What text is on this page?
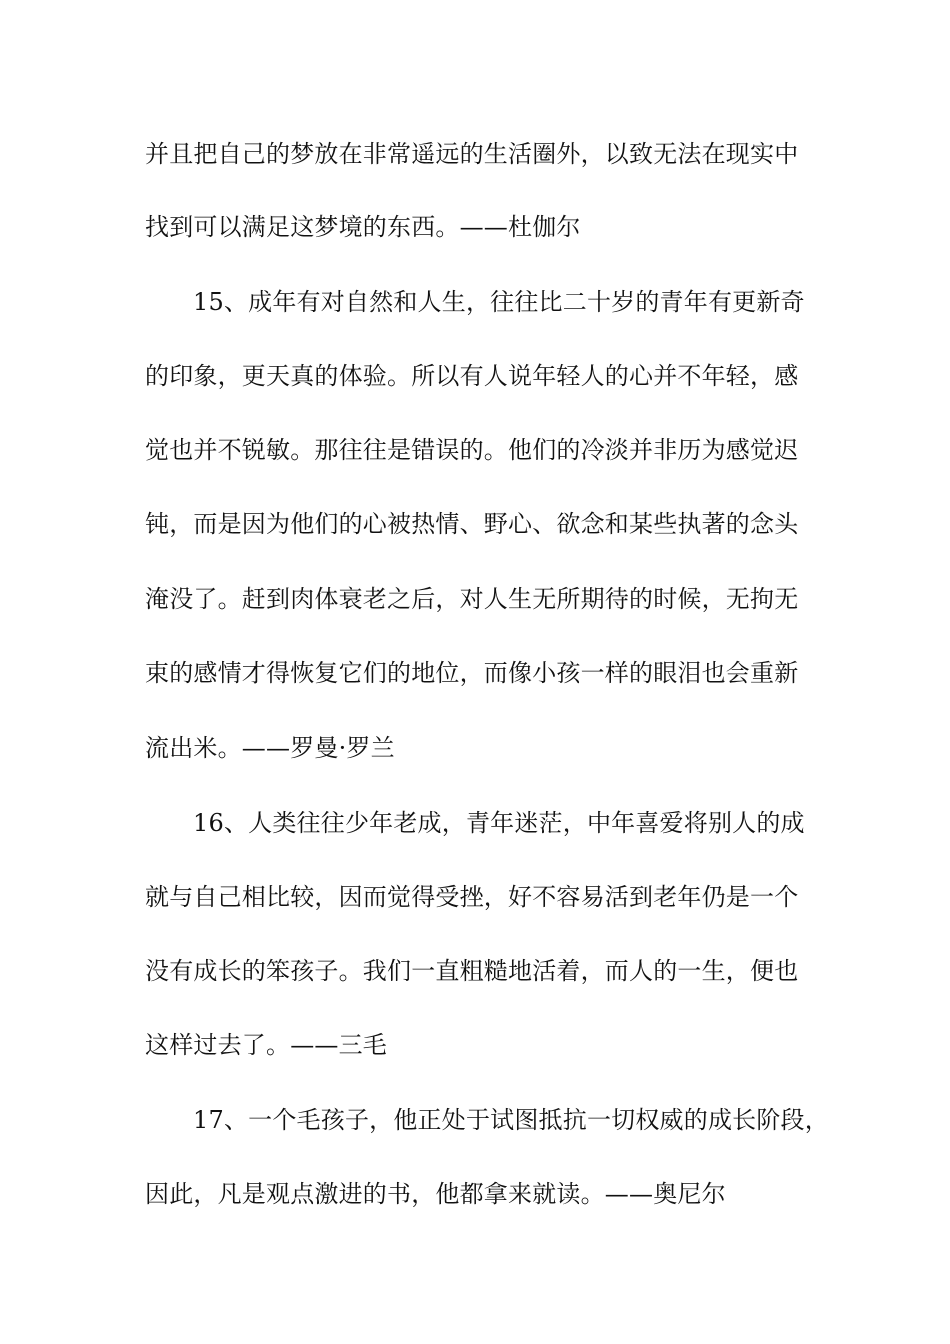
并且把自己的梦放在非常遥远的生活圈外，以致无法在现实中

找到可以满足这梦境的东西。——杜伽尔

15、成年有对自然和人生，往往比二十岁的青年有更新奇

的印象，更天真的体验。所以有人说年轻人的心并不年轻，感

觉也并不锐敏。那往往是错误的。他们的冷淡并非历为感觉迟

钝，而是因为他们的心被热情、野心、欲念和某些执著的念头

淹没了。赶到肉体衰老之后，对人生无所期待的时候，无拘无

束的感情才得恢复它们的地位，而像小孩一样的眼泪也会重新

流出米。——罗曼·罗兰

16、人类往往少年老成，青年迷茫，中年喜爱将别人的成

就与自己相比较，因而觉得受挫，好不容易活到老年仍是一个

没有成长的笨孩子。我们一直粗糙地活着，而人的一生，便也

这样过去了。——三毛

17、一个毛孩子，他正处于试图抵抗一切权威的成长阶段，

因此，凡是观点激进的书，他都拿来就读。——奥尼尔
